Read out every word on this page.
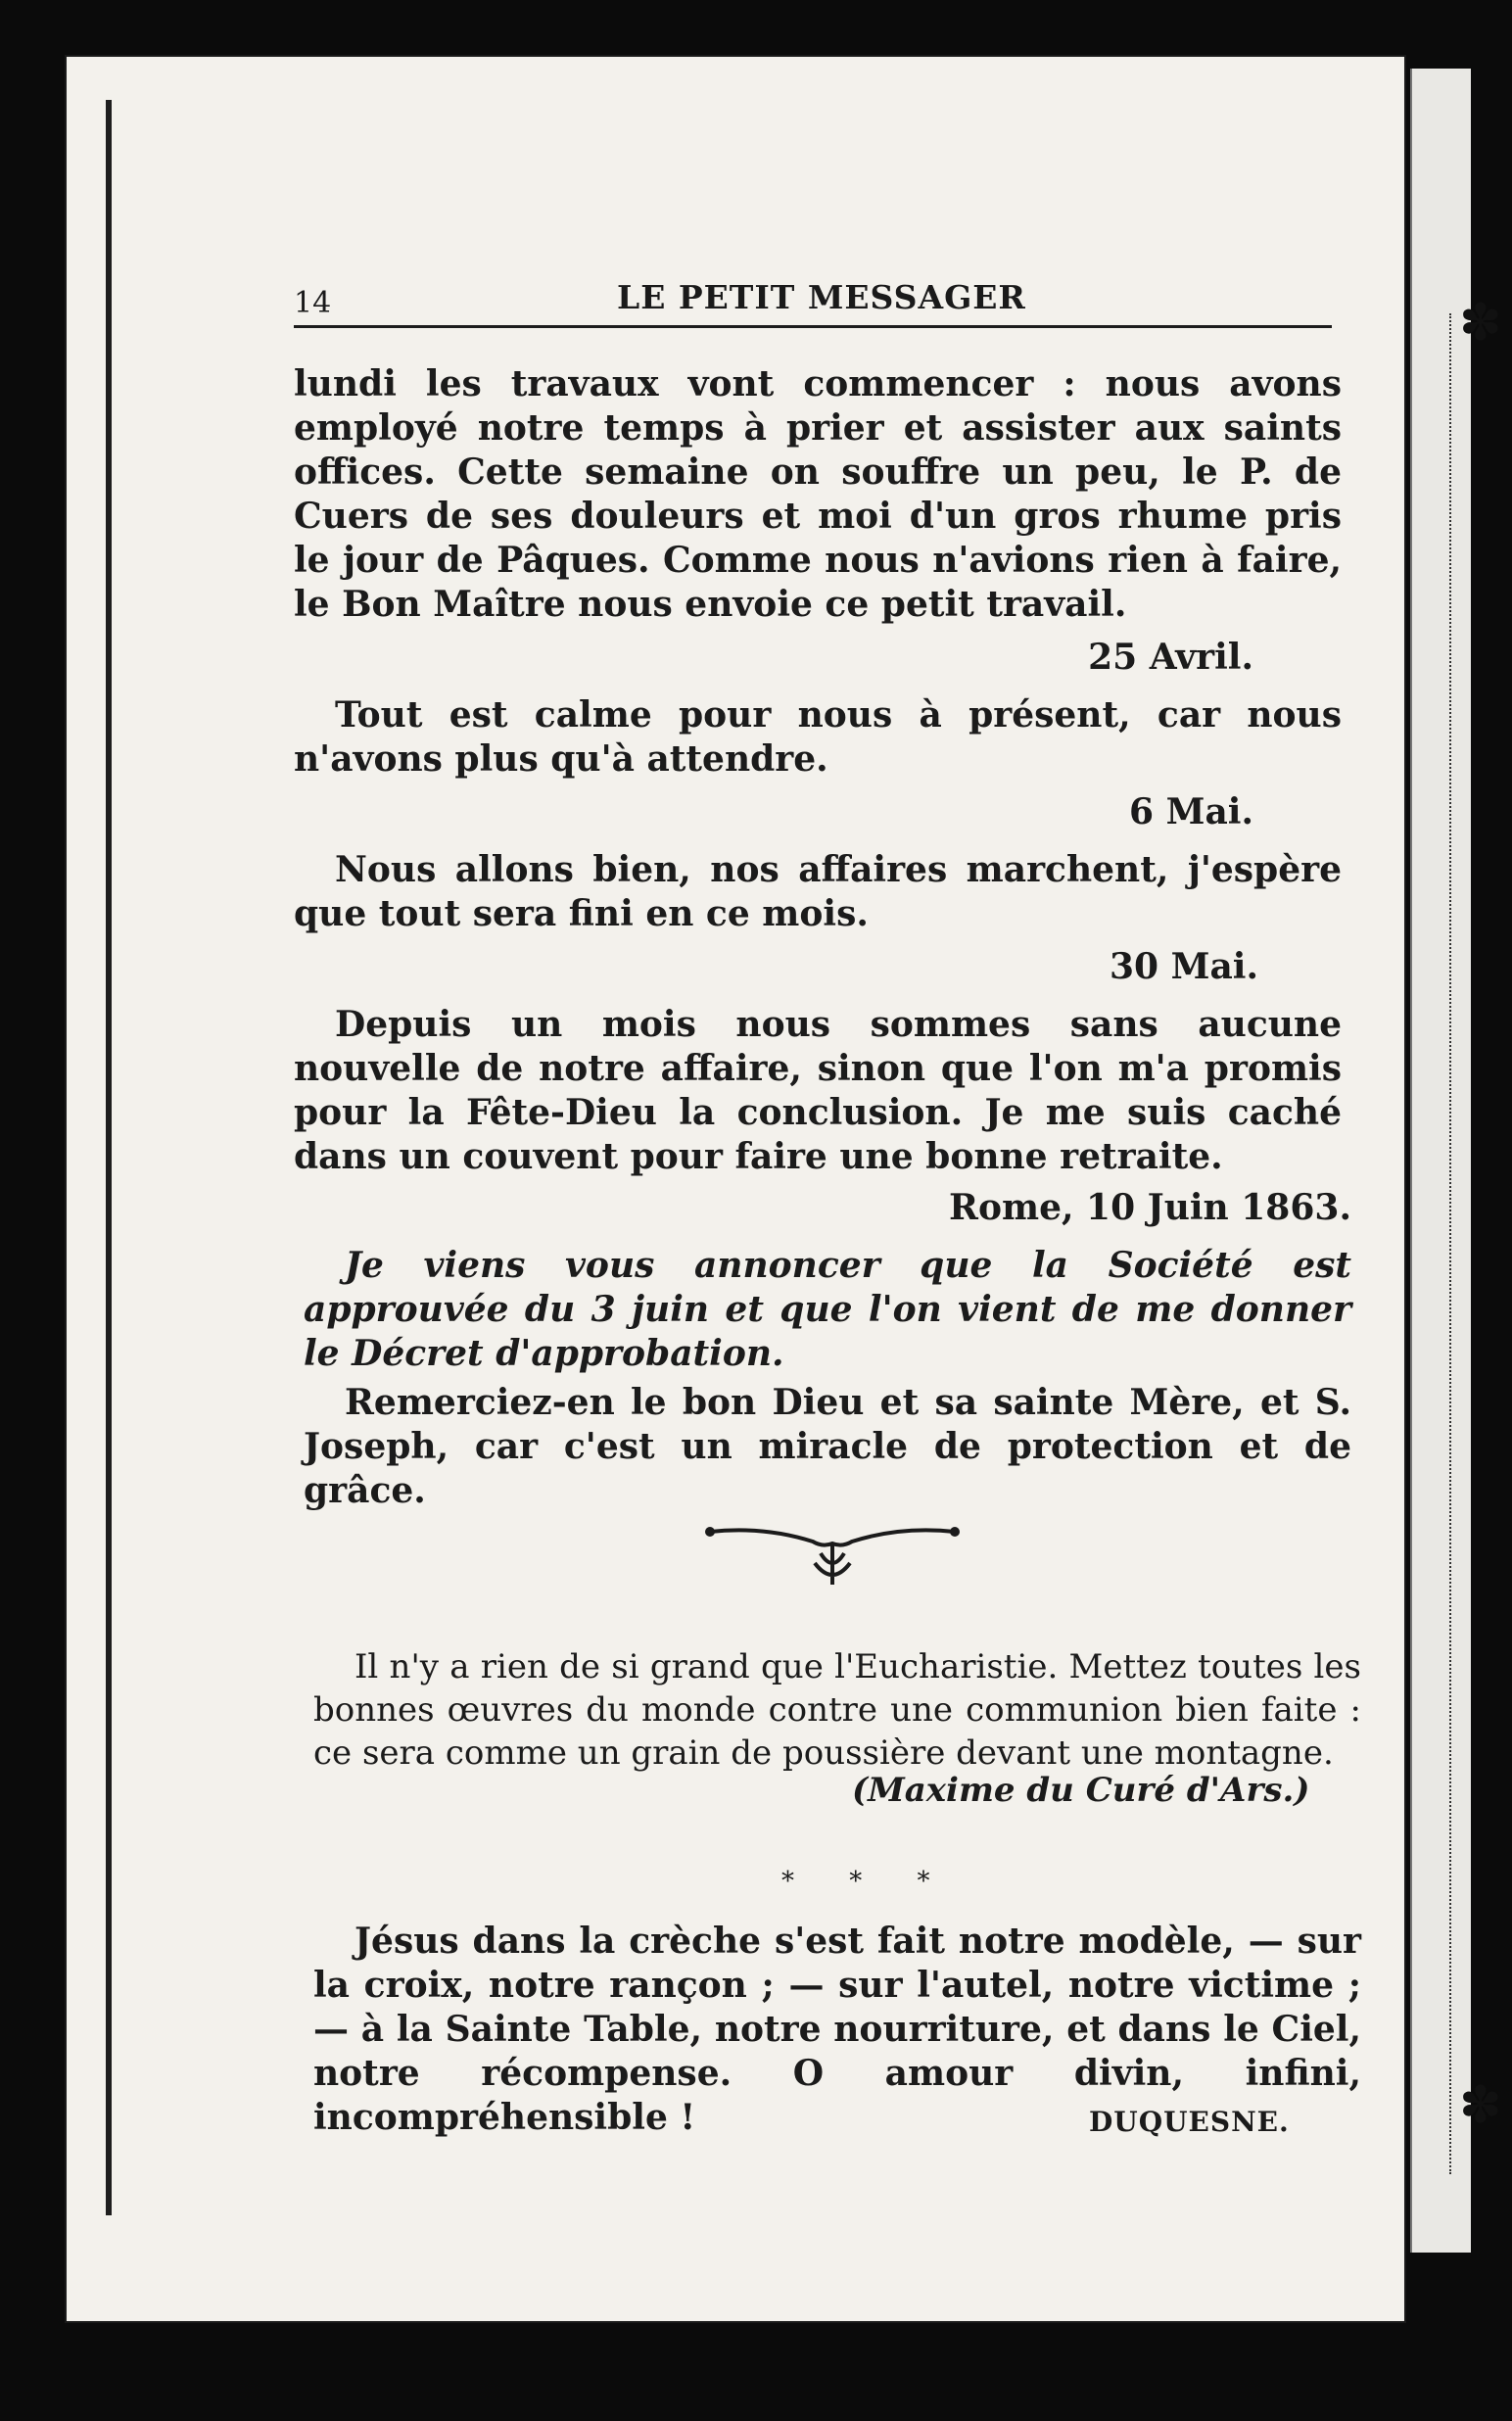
✽
✽
14	LE PETIT MESSAGER
lundi les travaux vont commencer : nous avons employé notre temps à prier et assister aux saints offices. Cette semaine on souffre un peu, le P. de Cuers de ses douleurs et moi d'un gros rhume pris le jour de Pâques. Comme nous n'avions rien à faire, le Bon Maître nous envoie ce petit travail.
25 Avril.
Tout est calme pour nous à présent, car nous n'avons plus qu'à attendre.
6 Mai.
Nous allons bien, nos affaires marchent, j'espère que tout sera fini en ce mois.
30 Mai.
Depuis un mois nous sommes sans aucune nouvelle de notre affaire, sinon que l'on m'a promis pour la Fête-Dieu la conclusion. Je me suis caché dans un couvent pour faire une bonne retraite.
Rome, 10 Juin 1863.
Je viens vous annoncer que la Société est approuvée du 3 juin et que l'on vient de me donner le Décret d'approbation.
Remerciez-en le bon Dieu et sa sainte Mère, et S. Joseph, car c'est un miracle de protection et de grâce.
Il n'y a rien de si grand que l'Eucharistie. Mettez toutes les bonnes œuvres du monde contre une communion bien faite : ce sera comme un grain de poussière devant une montagne.
(Maxime du Curé d'Ars.)
* * *
Jésus dans la crèche s'est fait notre modèle, — sur la croix, notre rançon ; — sur l'autel, notre victime ; — à la Sainte Table, notre nourriture, et dans le Ciel, notre récompense. O amour divin, infini, incompréhensible !	DUQUESNE.
